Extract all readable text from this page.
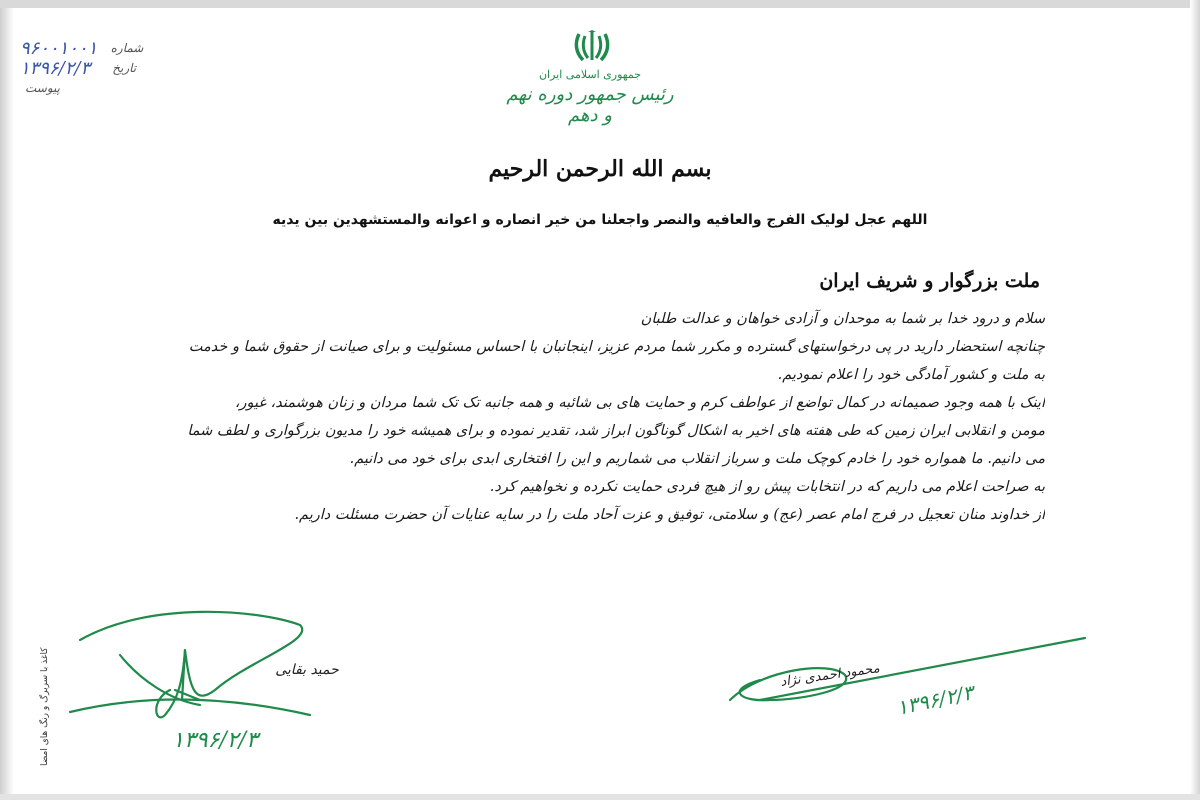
جمهوری اسلامی ایران
رئیس جمهور دوره نهم و دهم
شماره
۹۶۰۰۱۰۰۱
تاریخ
۱۳۹۶/۲/۳
پیوست
بسم الله الرحمن الرحیم
اللهم عجل لولیک الفرج والعافیه والنصر واجعلنا من خیر انصاره و اعوانه والمستشهدین بین یدیه
ملت بزرگوار و شریف ایران
سلام و درود خدا بر شما به موحدان و آزادی خواهان و عدالت طلبان
چنانچه استحضار دارید در پی درخواستهای گسترده و مکرر شما مردم عزیز، اینجانبان با احساس مسئولیت و برای صیانت از حقوق شما و خدمت
به ملت و کشور آمادگی خود را اعلام نمودیم.
اینک با همه وجود صمیمانه در کمال تواضع از عواطف کرم و حمایت های بی شائبه و همه جانبه تک تک شما مردان و زنان هوشمند، غیور،
مومن و انقلابی ایران زمین که طی هفته های اخیر به اشکال گوناگون ابراز شد، تقدیر نموده و برای همیشه خود را مدیون بزرگواری و لطف شما
می دانیم. ما همواره خود را خادم کوچک ملت و سرباز انقلاب می شماریم و این را افتخاری ابدی برای خود می دانیم.
به صراحت اعلام می داریم که در انتخابات پیش رو از هیچ فردی حمایت نکرده و نخواهیم کرد.
از خداوند منان تعجیل در فرج امام عصر (عج) و سلامتی، توفیق و عزت آحاد ملت را در سایه عنایات آن حضرت مسئلت داریم.
کاغذ با سربرگ و رنگ های امضا	حمید بقایی
۱۳۹۶/۲/۳
محمود احمدی نژاد
۱۳۹۶/۲/۳
